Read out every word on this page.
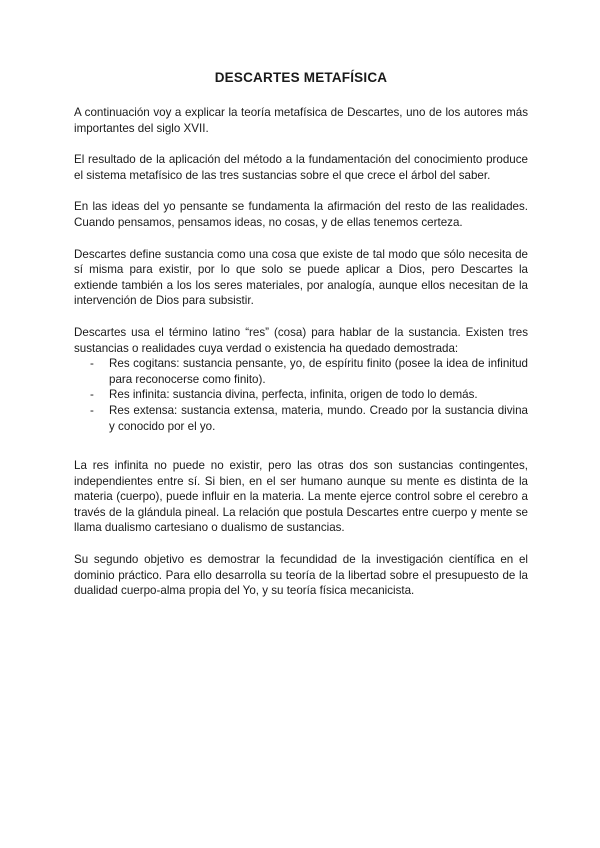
DESCARTES METAFÍSICA

A continuación voy a explicar la teoría metafísica de Descartes, uno de los autores más importantes del siglo XVII.

El resultado de la aplicación del método a la fundamentación del conocimiento produce el sistema metafísico de las tres sustancias sobre el que crece el árbol del saber.

En las ideas del yo pensante se fundamenta la afirmación del resto de las realidades. Cuando pensamos, pensamos ideas, no cosas, y de ellas tenemos certeza.

Descartes define sustancia como una cosa que existe de tal modo que sólo necesita de sí misma para existir, por lo que solo se puede aplicar a Dios, pero Descartes la extiende también a los los seres materiales, por analogía, aunque ellos necesitan de la intervención de Dios para subsistir.

Descartes usa el término latino “res” (cosa) para hablar de la sustancia. Existen tres sustancias o realidades cuya verdad o existencia ha quedado demostrada:

- Res cogitans: sustancia pensante, yo, de espíritu finito (posee la idea de infinitud para reconocerse como finito).
- Res infinita: sustancia divina, perfecta, infinita, origen de todo lo demás.
- Res extensa: sustancia extensa, materia, mundo. Creado por la sustancia divina y conocido por el yo.

La res infinita no puede no existir, pero las otras dos son sustancias contingentes, independientes entre sí. Si bien, en el ser humano aunque su mente es distinta de la materia (cuerpo), puede influir en la materia. La mente ejerce control sobre el cerebro a través de la glándula pineal. La relación que postula Descartes entre cuerpo y mente se llama dualismo cartesiano o dualismo de sustancias.

Su segundo objetivo es demostrar la fecundidad de la investigación científica en el dominio práctico. Para ello desarrolla su teoría de la libertad sobre el presupuesto de la dualidad cuerpo-alma propia del Yo, y su teoría física mecanicista.
